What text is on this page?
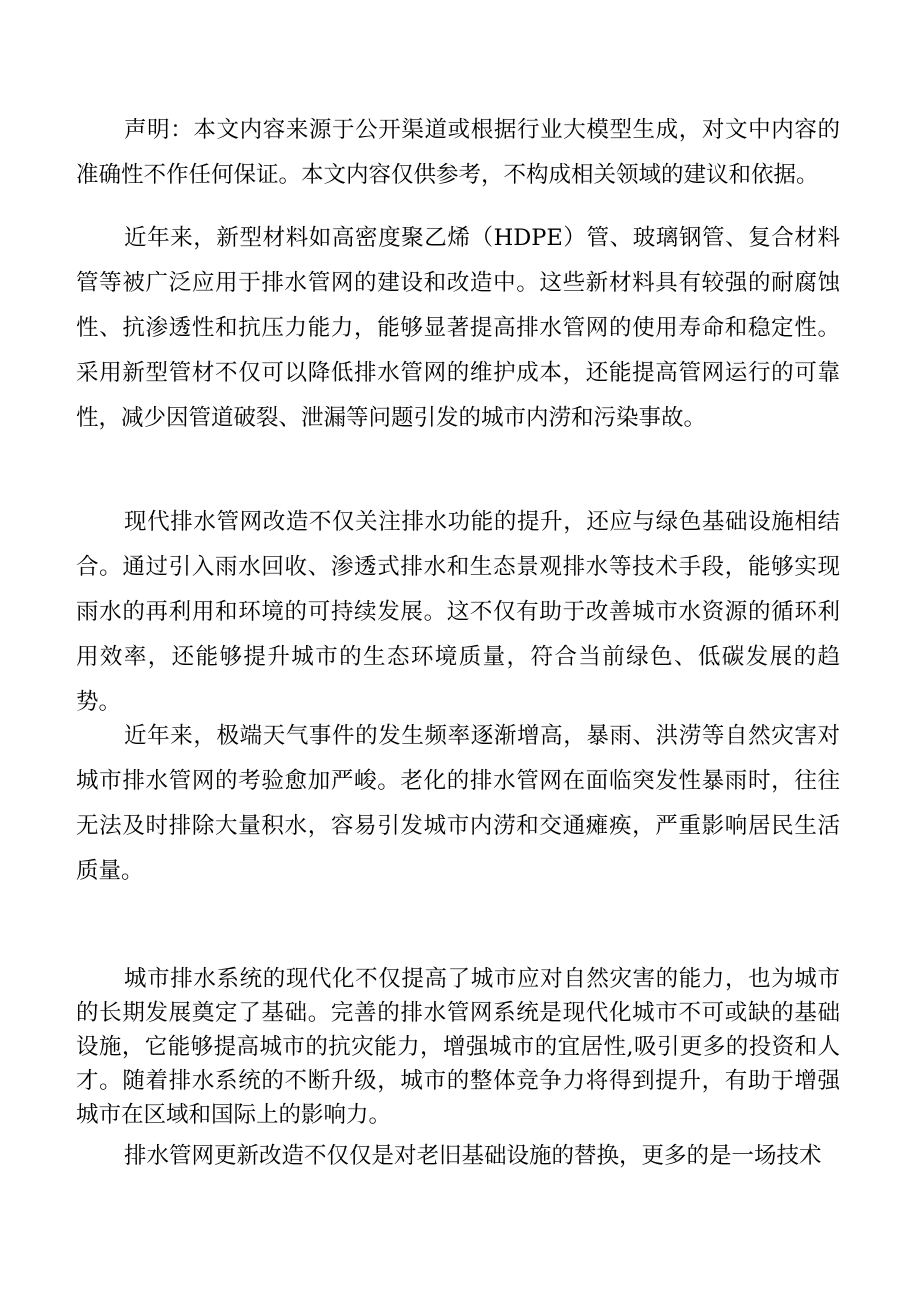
声明：本文内容来源于公开渠道或根据行业大模型生成，对文中内容的准确性不作任何保证。本文内容仅供参考，不构成相关领域的建议和依据。

近年来，新型材料如高密度聚乙烯（HDPE）管、玻璃钢管、复合材料管等被广泛应用于排水管网的建设和改造中。这些新材料具有较强的耐腐蚀性、抗渗透性和抗压力能力，能够显著提高排水管网的使用寿命和稳定性。采用新型管材不仅可以降低排水管网的维护成本，还能提高管网运行的可靠性，减少因管道破裂、泄漏等问题引发的城市内涝和污染事故。

现代排水管网改造不仅关注排水功能的提升，还应与绿色基础设施相结合。通过引入雨水回收、渗透式排水和生态景观排水等技术手段，能够实现雨水的再利用和环境的可持续发展。这不仅有助于改善城市水资源的循环利用效率，还能够提升城市的生态环境质量，符合当前绿色、低碳发展的趋势。

近年来，极端天气事件的发生频率逐渐增高，暴雨、洪涝等自然灾害对城市排水管网的考验愈加严峻。老化的排水管网在面临突发性暴雨时，往往无法及时排除大量积水，容易引发城市内涝和交通瘫痪，严重影响居民生活质量。

城市排水系统的现代化不仅提高了城市应对自然灾害的能力，也为城市的长期发展奠定了基础。完善的排水管网系统是现代化城市不可或缺的基础设施，它能够提高城市的抗灾能力，增强城市的宜居性,吸引更多的投资和人才。随着排水系统的不断升级，城市的整体竞争力将得到提升，有助于增强城市在区域和国际上的影响力。

排水管网更新改造不仅仅是对老旧基础设施的替换，更多的是一场技术
